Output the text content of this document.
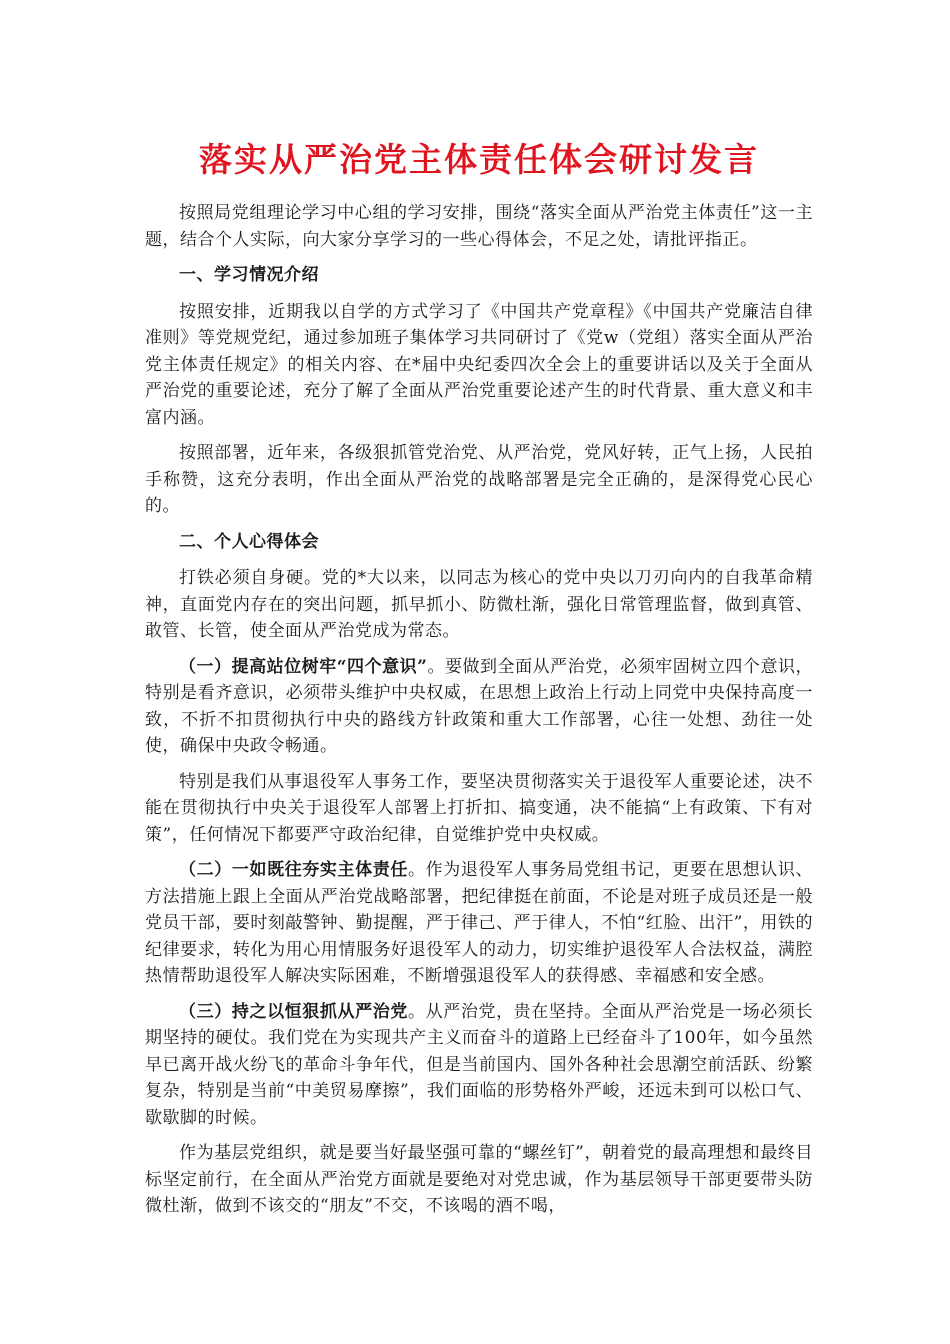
落实从严治党主体责任体会研讨发言

按照局党组理论学习中心组的学习安排，围绕“落实全面从严治党主体责任”这一主题，结合个人实际，向大家分享学习的一些心得体会，不足之处，请批评指正。

一、学习情况介绍

按照安排，近期我以自学的方式学习了《中国共产党章程》《中国共产党廉洁自律准则》等党规党纪，通过参加班子集体学习共同研讨了《党w（党组）落实全面从严治党主体责任规定》的相关内容、在*届中央纪委四次全会上的重要讲话以及关于全面从严治党的重要论述，充分了解了全面从严治党重要论述产生的时代背景、重大意义和丰富内涵。

按照部署，近年来，各级狠抓管党治党、从严治党，党风好转，正气上扬，人民拍手称赞，这充分表明，作出全面从严治党的战略部署是完全正确的，是深得党心民心的。

二、个人心得体会

打铁必须自身硬。党的*大以来，以同志为核心的党中央以刀刃向内的自我革命精神，直面党内存在的突出问题，抓早抓小、防微杜渐，强化日常管理监督，做到真管、敢管、长管，使全面从严治党成为常态。

（一）提高站位树牢“四个意识”。要做到全面从严治党，必须牢固树立四个意识，特别是看齐意识，必须带头维护中央权威，在思想上政治上行动上同党中央保持高度一致，不折不扣贯彻执行中央的路线方针政策和重大工作部署，心往一处想、劲往一处使，确保中央政令畅通。

特别是我们从事退役军人事务工作，要坚决贯彻落实关于退役军人重要论述，决不能在贯彻执行中央关于退役军人部署上打折扣、搞变通，决不能搞“上有政策、下有对策”，任何情况下都要严守政治纪律，自觉维护党中央权威。

（二）一如既往夯实主体责任。作为退役军人事务局党组书记，更要在思想认识、方法措施上跟上全面从严治党战略部署，把纪律挺在前面，不论是对班子成员还是一般党员干部，要时刻敲警钟、勤提醒，严于律己、严于律人，不怕“红脸、出汗”，用铁的纪律要求，转化为用心用情服务好退役军人的动力，切实维护退役军人合法权益，满腔热情帮助退役军人解决实际困难，不断增强退役军人的获得感、幸福感和安全感。

（三）持之以恒狠抓从严治党。从严治党，贵在坚持。全面从严治党是一场必须长期坚持的硬仗。我们党在为实现共产主义而奋斗的道路上已经奋斗了100年，如今虽然早已离开战火纷飞的革命斗争年代，但是当前国内、国外各种社会思潮空前活跃、纷繁复杂，特别是当前“中美贸易摩擦”，我们面临的形势格外严峻，还远未到可以松口气、歇歇脚的时候。

作为基层党组织，就是要当好最坚强可靠的“螺丝钉”，朝着党的最高理想和最终目标坚定前行，在全面从严治党方面就是要绝对对党忠诚，作为基层领导干部更要带头防微杜渐，做到不该交的“朋友”不交，不该喝的酒不喝，
